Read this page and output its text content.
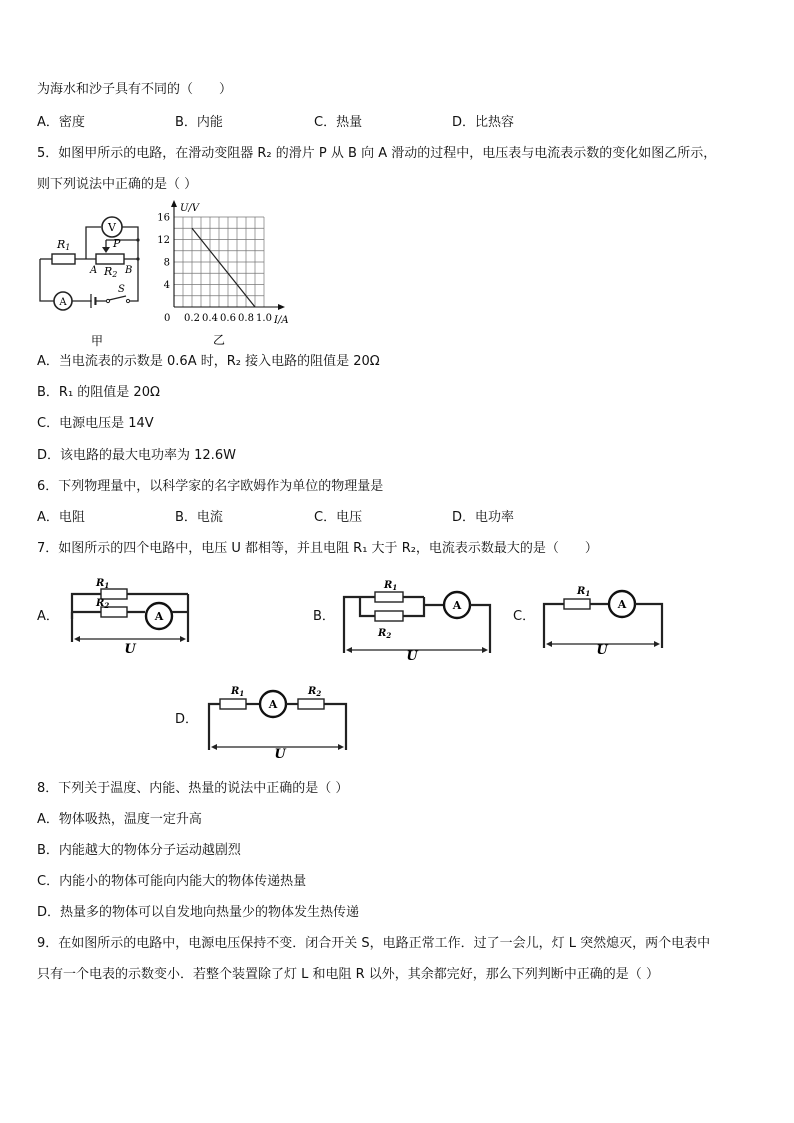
为海水和沙子具有不同的（　　）
A．密度	B．内能	C．热量	D．比热容
5．如图甲所示的电路，在滑动变阻器 R₂ 的滑片 P 从 B 向 A 滑动的过程中，电压表与电流表示数的变化如图乙所示，
则下列说法中正确的是（ ）
R1
V
P
A R2 B
A
S
甲
4
8
12
16
0.2 0.4 0.6 0.8 1.0
U/V
I/A
0
乙
A．当电流表的示数是 0.6A 时，R₂ 接入电路的阻值是 20Ω
B．R₁ 的阻值是 20Ω
C．电源电压是 14V
D．该电路的最大电功率为 12.6W
6．下列物理量中，以科学家的名字欧姆作为单位的物理量是
A．电阻	B．电流	C．电压	D．电功率
7．如图所示的四个电路中，电压 U 都相等，并且电阻 R₁ 大于 R₂，电流表示数最大的是（　　）
A．
$R_1$
$R_2$
A
U
B．
$R_1$
$R_2$
A
U
C．
$R_1$
A
U
D．
$R_1$
A
$R_2$
U
8．下列关于温度、内能、热量的说法中正确的是（ ）
A．物体吸热，温度一定升高
B．内能越大的物体分子运动越剧烈
C．内能小的物体可能向内能大的物体传递热量
D．热量多的物体可以自发地向热量少的物体发生热传递
9．在如图所示的电路中，电源电压保持不变．闭合开关 S，电路正常工作．过了一会儿，灯 L 突然熄灭，两个电表中
只有一个电表的示数变小．若整个装置除了灯 L 和电阻 R 以外，其余都完好，那么下列判断中正确的是（ ）
